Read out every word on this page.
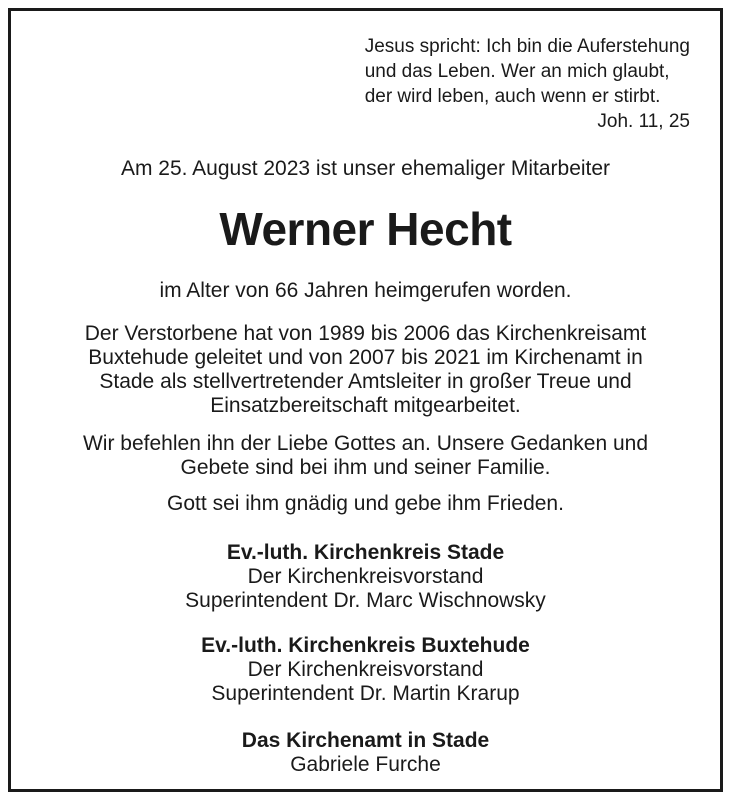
Jesus spricht: Ich bin die Auferstehung
und das Leben. Wer an mich glaubt,
der wird leben, auch wenn er stirbt.
Joh. 11, 25
Am 25. August 2023 ist unser ehemaliger Mitarbeiter
Werner Hecht
im Alter von 66 Jahren heimgerufen worden.
Der Verstorbene hat von 1989 bis 2006 das Kirchenkreisamt
Buxtehude geleitet und von 2007 bis 2021 im Kirchenamt in
Stade als stellvertretender Amtsleiter in großer Treue und
Einsatzbereitschaft mitgearbeitet.
Wir befehlen ihn der Liebe Gottes an. Unsere Gedanken und
Gebete sind bei ihm und seiner Familie.
Gott sei ihm gnädig und gebe ihm Frieden.
Ev.-luth. Kirchenkreis Stade
Der Kirchenkreisvorstand
Superintendent Dr. Marc Wischnowsky
Ev.-luth. Kirchenkreis Buxtehude
Der Kirchenkreisvorstand
Superintendent Dr. Martin Krarup
Das Kirchenamt in Stade
Gabriele Furche
